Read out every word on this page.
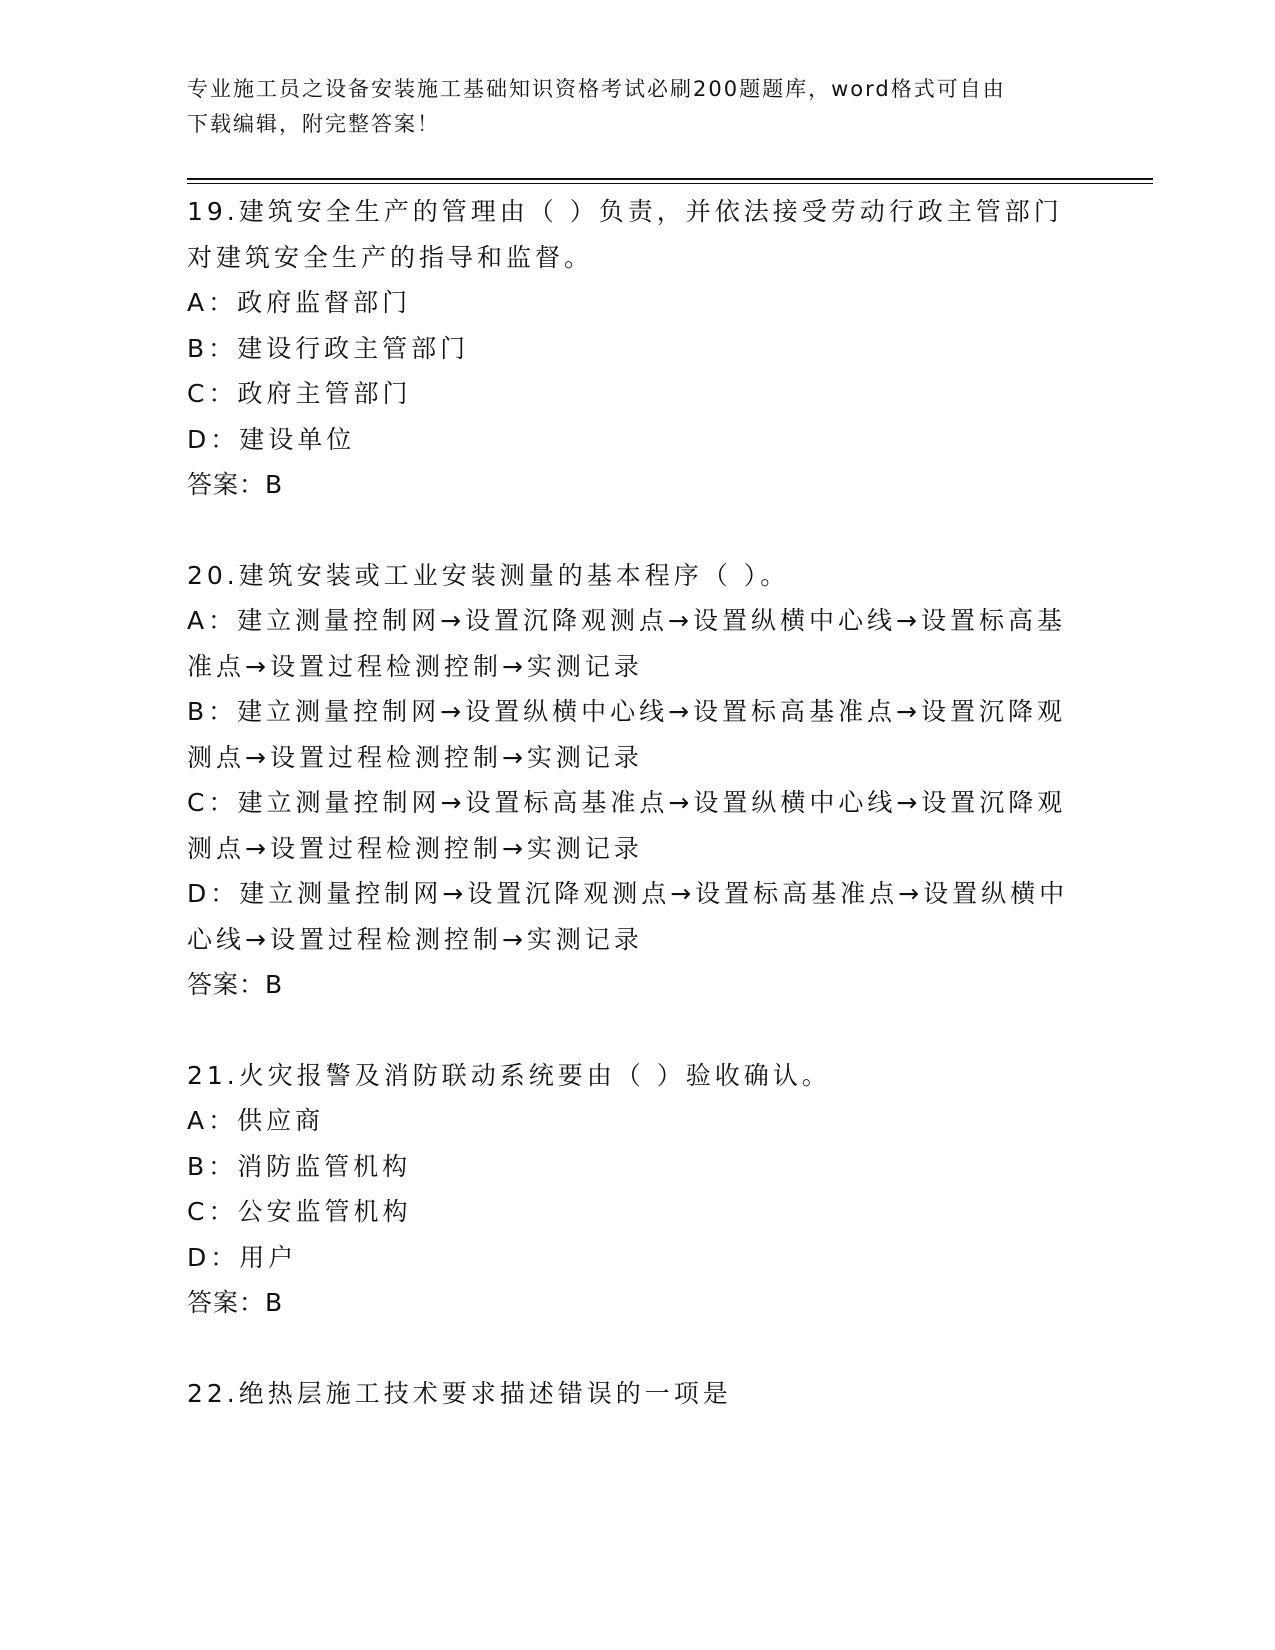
专业施工员之设备安装施工基础知识资格考试必刷200题题库，word格式可自由
下载编辑，附完整答案！
19.建筑安全生产的管理由（ ）负责，并依法接受劳动行政主管部门
对建筑安全生产的指导和监督。
A：政府监督部门
B：建设行政主管部门
C：政府主管部门
D：建设单位
答案：B
20.建筑安装或工业安装测量的基本程序（ ）。
A：建立测量控制网→设置沉降观测点→设置纵横中心线→设置标高基
准点→设置过程检测控制→实测记录
B：建立测量控制网→设置纵横中心线→设置标高基准点→设置沉降观
测点→设置过程检测控制→实测记录
C：建立测量控制网→设置标高基准点→设置纵横中心线→设置沉降观
测点→设置过程检测控制→实测记录
D：建立测量控制网→设置沉降观测点→设置标高基准点→设置纵横中
心线→设置过程检测控制→实测记录
答案：B
21.火灾报警及消防联动系统要由（ ）验收确认。
A：供应商
B：消防监管机构
C：公安监管机构
D：用户
答案：B
22.绝热层施工技术要求描述错误的一项是
